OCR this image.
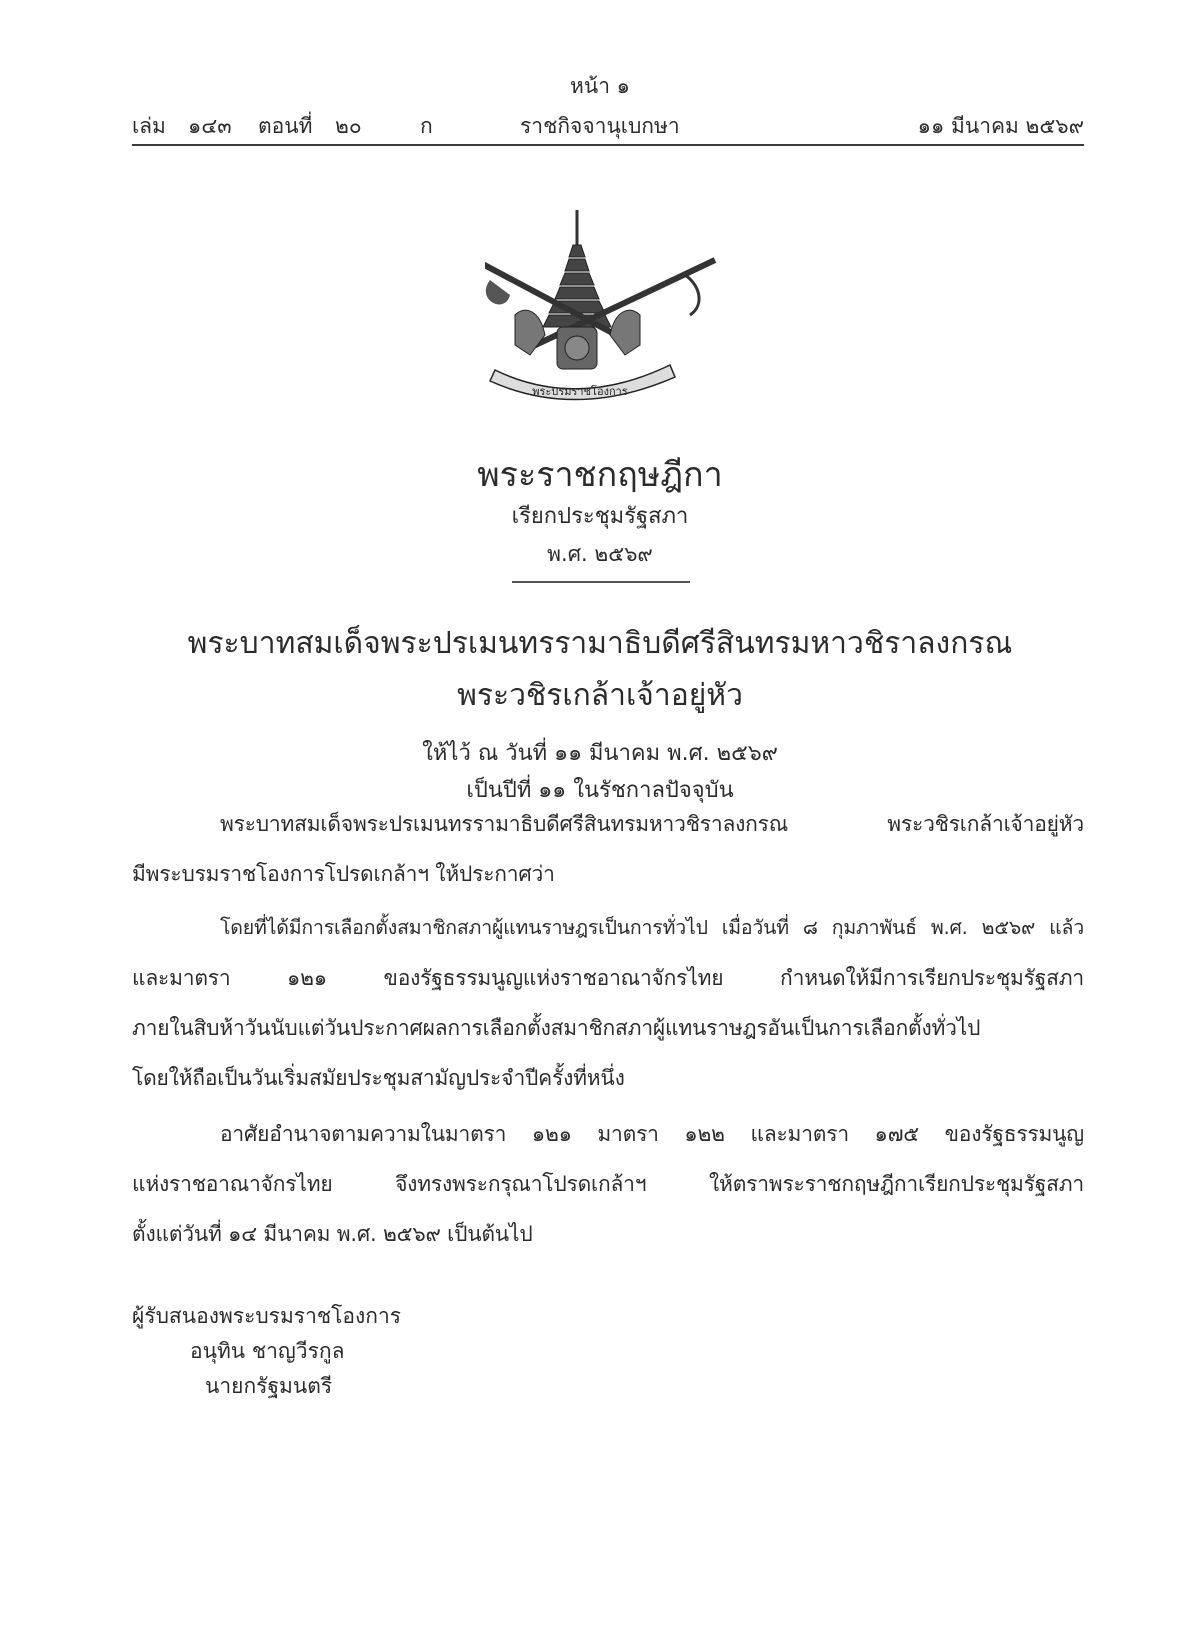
หน้า ๑
เล่ม ๑๔๓ ตอนที่ ๒๐	ก	ราชกิจจานุเบกษา	๑๑ มีนาคม ๒๕๖๙
พระบรมราชโองการ
พระราชกฤษฎีกา
เรียกประชุมรัฐสภา
พ.ศ. ๒๕๖๙
พระบาทสมเด็จพระปรเมนทรรามาธิบดีศรีสินทรมหาวชิราลงกรณ
พระวชิรเกล้าเจ้าอยู่หัว
ให้ไว้ ณ วันที่ ๑๑ มีนาคม พ.ศ. ๒๕๖๙
เป็นปีที่ ๑๑ ในรัชกาลปัจจุบัน
พระบาทสมเด็จพระปรเมนทรรามาธิบดีศรีสินทรมหาวชิราลงกรณ พระวชิรเกล้าเจ้าอยู่หัว
มีพระบรมราชโองการโปรดเกล้าฯ ให้ประกาศว่า
โดยที่ได้มีการเลือกตั้งสมาชิกสภาผู้แทนราษฎรเป็นการทั่วไป เมื่อวันที่ ๘ กุมภาพันธ์ พ.ศ. ๒๕๖๙ แล้ว
และมาตรา ๑๒๑ ของรัฐธรรมนูญแห่งราชอาณาจักรไทย กำหนดให้มีการเรียกประชุมรัฐสภา
ภายในสิบห้าวันนับแต่วันประกาศผลการเลือกตั้งสมาชิกสภาผู้แทนราษฎรอันเป็นการเลือกตั้งทั่วไป
โดยให้ถือเป็นวันเริ่มสมัยประชุมสามัญประจำปีครั้งที่หนึ่ง
อาศัยอำนาจตามความในมาตรา ๑๒๑ มาตรา ๑๒๒ และมาตรา ๑๗๕ ของรัฐธรรมนูญ
แห่งราชอาณาจักรไทย จึงทรงพระกรุณาโปรดเกล้าฯ ให้ตราพระราชกฤษฎีกาเรียกประชุมรัฐสภา
ตั้งแต่วันที่ ๑๔ มีนาคม พ.ศ. ๒๕๖๙ เป็นต้นไป
ผู้รับสนองพระบรมราชโองการ
อนุทิน ชาญวีรกูล
นายกรัฐมนตรี
